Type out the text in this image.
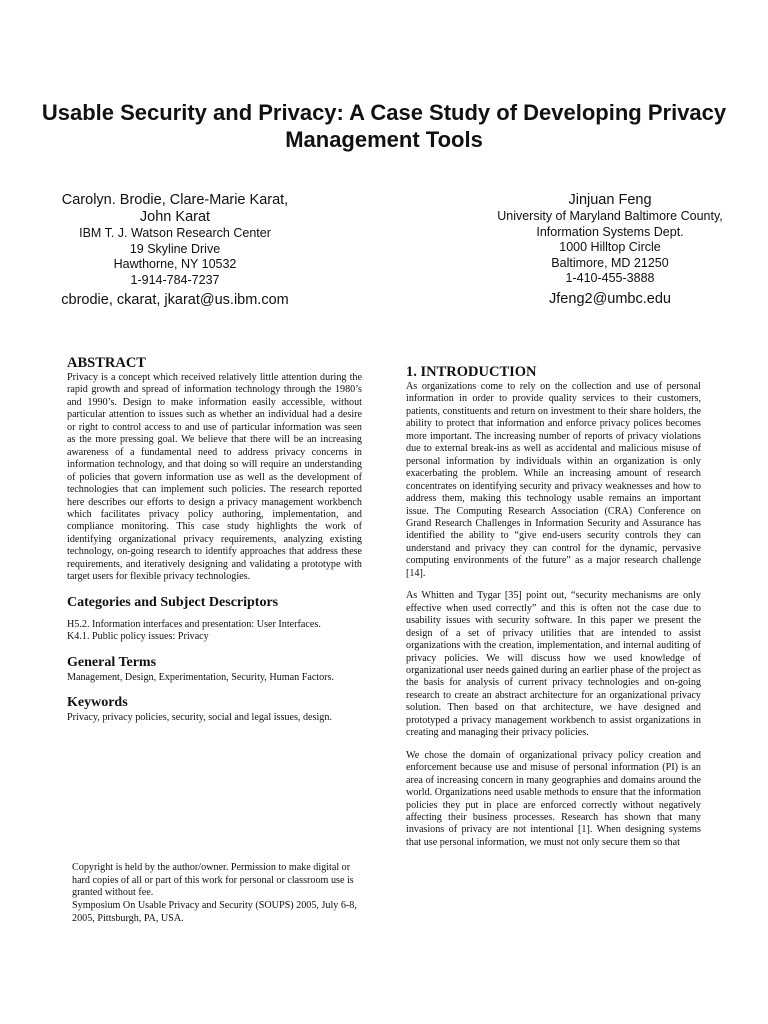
Usable Security and Privacy: A Case Study of Developing Privacy Management Tools
Carolyn. Brodie, Clare-Marie Karat, John Karat
IBM T. J. Watson Research Center
19 Skyline Drive
Hawthorne, NY 10532
1-914-784-7237
cbrodie, ckarat, jkarat@us.ibm.com
Jinjuan Feng
University of Maryland Baltimore County, Information Systems Dept.
1000 Hilltop Circle
Baltimore, MD 21250
1-410-455-3888
Jfeng2@umbc.edu
ABSTRACT

Privacy is a concept which received relatively little attention during the rapid growth and spread of information technology through the 1980’s and 1990’s. Design to make information easily accessible, without particular attention to issues such as whether an individual had a desire or right to control access to and use of particular information was seen as the more pressing goal. We believe that there will be an increasing awareness of a fundamental need to address privacy concerns in information technology, and that doing so will require an understanding of policies that govern information use as well as the development of technologies that can implement such policies. The research reported here describes our efforts to design a privacy management workbench which facilitates privacy policy authoring, implementation, and compliance monitoring. This case study highlights the work of identifying organizational privacy requirements, analyzing existing technology, on-going research to identify approaches that address these requirements, and iteratively designing and validating a prototype with target users for flexible privacy technologies.

Categories and Subject Descriptors

H5.2. Information interfaces and presentation: User Interfaces.

K4.1. Public policy issues: Privacy

General Terms

Management, Design, Experimentation, Security, Human Factors.

Keywords

Privacy, privacy policies, security, social and legal issues, design.

Copyright is held by the author/owner. Permission to make digital or hard copies of all or part of this work for personal or classroom use is granted without fee.
Symposium On Usable Privacy and Security (SOUPS) 2005, July 6-8, 2005, Pittsburgh, PA, USA.

1. INTRODUCTION

As organizations come to rely on the collection and use of personal information in order to provide quality services to their customers, patients, constituents and return on investment to their share holders, the ability to protect that information and enforce privacy polices becomes more important. The increasing number of reports of privacy violations due to external break-ins as well as accidental and malicious misuse of personal information by individuals within an organization is only exacerbating the problem. While an increasing amount of research concentrates on identifying security and privacy weaknesses and how to address them, making this technology usable remains an important issue. The Computing Research Association (CRA) Conference on Grand Research Challenges in Information Security and Assurance has identified the ability to “give end-users security controls they can understand and privacy they can control for the dynamic, pervasive computing environments of the future” as a major research challenge [14].

As Whitten and Tygar [35] point out, “security mechanisms are only effective when used correctly” and this is often not the case due to usability issues with security software. In this paper we present the design of a set of privacy utilities that are intended to assist organizations with the creation, implementation, and internal auditing of privacy policies. We will discuss how we used knowledge of organizational user needs gained during an earlier phase of the project as the basis for analysis of current privacy technologies and on-going research to create an abstract architecture for an organizational privacy solution. Then based on that architecture, we have designed and prototyped a privacy management workbench to assist organizations in creating and managing their privacy policies.

We chose the domain of organizational privacy policy creation and enforcement because use and misuse of personal information (PI) is an area of increasing concern in many geographies and domains around the world. Organizations need usable methods to ensure that the information policies they put in place are enforced correctly without negatively affecting their business processes. Research has shown that many invasions of privacy are not intentional [1]. When designing systems that use personal information, we must not only secure them so that
